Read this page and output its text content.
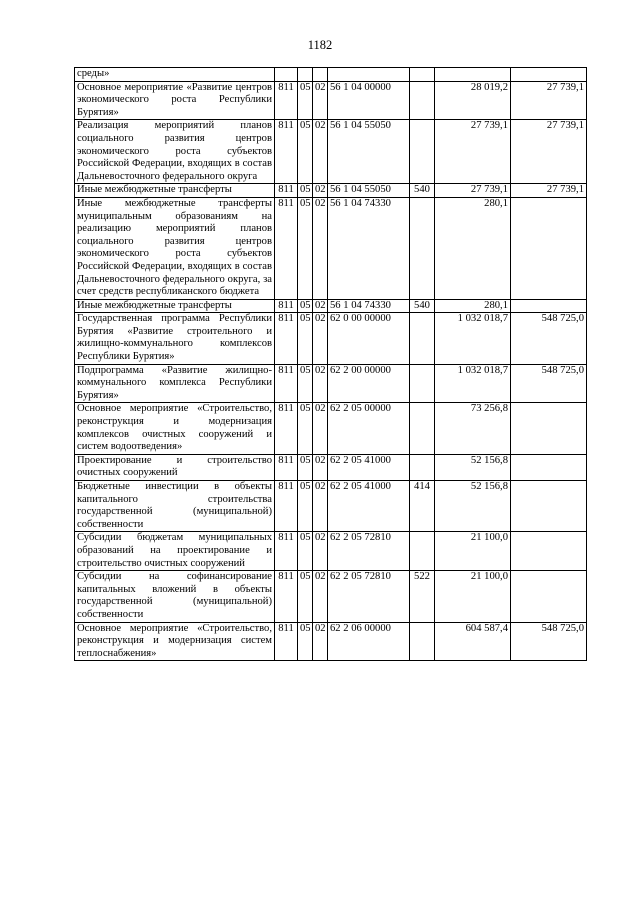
1182
среды»							
Основное мероприятие «Развитие центров экономического роста Республики Бурятия»	811	05	02	56 1 04 00000		28 019,2	27 739,1
Реализация мероприятий планов социального развития центров экономического роста субъектов Российской Федерации, входящих в состав Дальневосточного федерального округа	811	05	02	56 1 04 55050		27 739,1	27 739,1
Иные межбюджетные трансферты	811	05	02	56 1 04 55050	540	27 739,1	27 739,1
Иные межбюджетные трансферты муниципальным образованиям на реализацию мероприятий планов социального развития центров экономического роста субъектов Российской Федерации, входящих в состав Дальневосточного федерального округа, за счет средств республиканского бюджета	811	05	02	56 1 04 74330		280,1	
Иные межбюджетные трансферты	811	05	02	56 1 04 74330	540	280,1	
Государственная программа Республики Бурятия «Развитие строительного и жилищно-коммунального комплексов Республики Бурятия»	811	05	02	62 0 00 00000		1 032 018,7	548 725,0
Подпрограмма «Развитие жилищно-коммунального комплекса Республики Бурятия»	811	05	02	62 2 00 00000		1 032 018,7	548 725,0
Основное мероприятие «Строительство, реконструкция и модернизация комплексов очистных сооружений и систем водоотведения»	811	05	02	62 2 05 00000		73 256,8	
Проектирование и строительство очистных сооружений	811	05	02	62 2 05 41000		52 156,8	
Бюджетные инвестиции в объекты капитального строительства государственной (муниципальной) собственности	811	05	02	62 2 05 41000	414	52 156,8	
Субсидии бюджетам муниципальных образований на проектирование и строительство очистных сооружений	811	05	02	62 2 05 72810		21 100,0	
Субсидии на софинансирование капитальных вложений в объекты государственной (муниципальной) собственности	811	05	02	62 2 05 72810	522	21 100,0	
Основное мероприятие «Строительство, реконструкция и модернизация систем теплоснабжения»	811	05	02	62 2 06 00000		604 587,4	548 725,0
